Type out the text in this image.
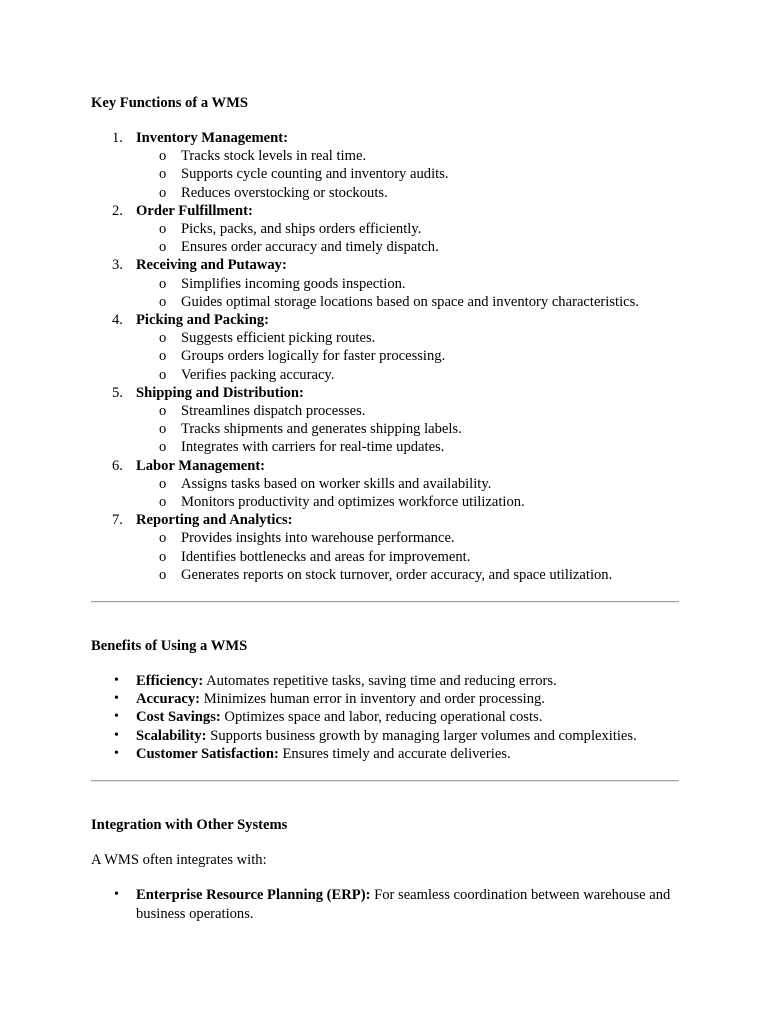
Key Functions of a WMS
1. Inventory Management:
o Tracks stock levels in real time.
o Supports cycle counting and inventory audits.
o Reduces overstocking or stockouts.
2. Order Fulfillment:
o Picks, packs, and ships orders efficiently.
o Ensures order accuracy and timely dispatch.
3. Receiving and Putaway:
o Simplifies incoming goods inspection.
o Guides optimal storage locations based on space and inventory characteristics.
4. Picking and Packing:
o Suggests efficient picking routes.
o Groups orders logically for faster processing.
o Verifies packing accuracy.
5. Shipping and Distribution:
o Streamlines dispatch processes.
o Tracks shipments and generates shipping labels.
o Integrates with carriers for real-time updates.
6. Labor Management:
o Assigns tasks based on worker skills and availability.
o Monitors productivity and optimizes workforce utilization.
7. Reporting and Analytics:
o Provides insights into warehouse performance.
o Identifies bottlenecks and areas for improvement.
o Generates reports on stock turnover, order accuracy, and space utilization.
Benefits of Using a WMS
• Efficiency: Automates repetitive tasks, saving time and reducing errors.
• Accuracy: Minimizes human error in inventory and order processing.
• Cost Savings: Optimizes space and labor, reducing operational costs.
• Scalability: Supports business growth by managing larger volumes and complexities.
• Customer Satisfaction: Ensures timely and accurate deliveries.
Integration with Other Systems

A WMS often integrates with:

• Enterprise Resource Planning (ERP): For seamless coordination between warehouse and business operations.
